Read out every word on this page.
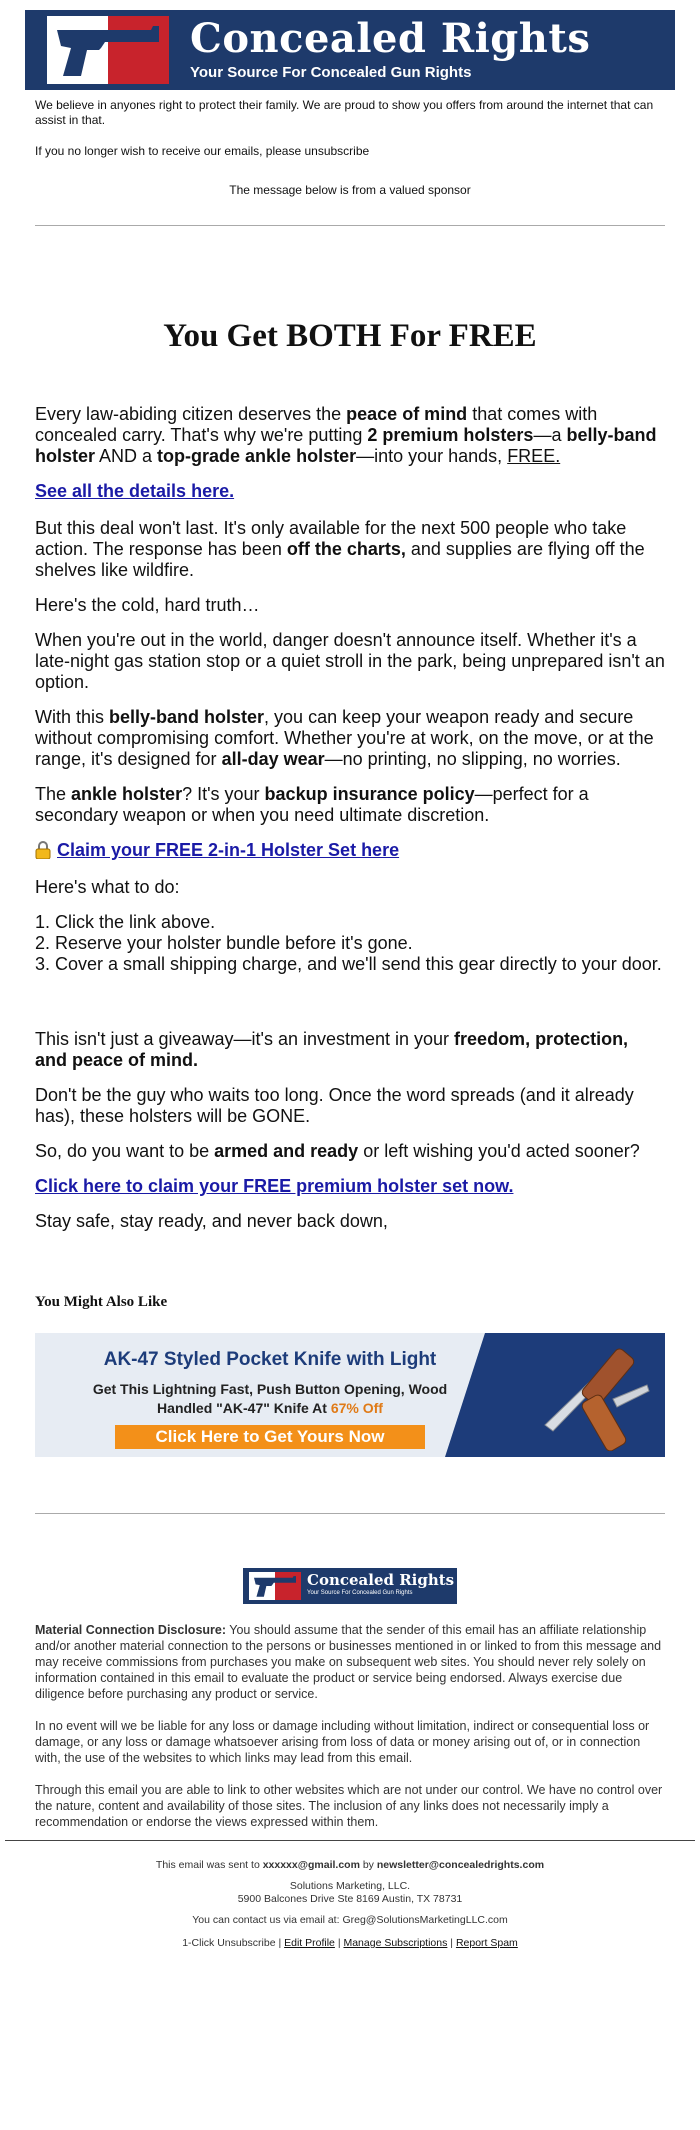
Concealed Rights
Your Source For Concealed Gun Rights

We believe in anyones right to protect their family. We are proud to show you offers from around the internet that can assist in that.

If you no longer wish to receive our emails, please unsubscribe

The message below is from a valued sponsor
You Get BOTH For FREE

Every law-abiding citizen deserves the peace of mind that comes with concealed carry. That's why we're putting 2 premium holsters—a belly-band holster AND a top-grade ankle holster—into your hands, FREE.

See all the details here.

But this deal won't last. It's only available for the next 500 people who take action. The response has been off the charts, and supplies are flying off the shelves like wildfire.

Here's the cold, hard truth…

When you're out in the world, danger doesn't announce itself. Whether it's a late-night gas station stop or a quiet stroll in the park, being unprepared isn't an option.

With this belly-band holster, you can keep your weapon ready and secure without compromising comfort. Whether you're at work, on the move, or at the range, it's designed for all-day wear—no printing, no slipping, no worries.

The ankle holster? It's your backup insurance policy—perfect for a secondary weapon or when you need ultimate discretion.

Claim your FREE 2-in-1 Holster Set here

Here's what to do:

1. Click the link above.
2. Reserve your holster bundle before it's gone.
3. Cover a small shipping charge, and we'll send this gear directly to your door.

This isn't just a giveaway—it's an investment in your freedom, protection, and peace of mind.

Don't be the guy who waits too long. Once the word spreads (and it already has), these holsters will be GONE.

So, do you want to be armed and ready or left wishing you'd acted sooner?

Click here to claim your FREE premium holster set now.

Stay safe, stay ready, and never back down,

You Might Also Like
AK-47 Styled Pocket Knife with Light
Get This Lightning Fast, Push Button Opening, Wood
Handled "AK-47" Knife At 67% Off
Click Here to Get Yours Now
Concealed Rights
Your Source For Concealed Gun Rights

Material Connection Disclosure: You should assume that the sender of this email has an affiliate relationship and/or another material connection to the persons or businesses mentioned in or linked to from this message and may receive commissions from purchases you make on subsequent web sites. You should never rely solely on information contained in this email to evaluate the product or service being endorsed. Always exercise due diligence before purchasing any product or service.

In no event will we be liable for any loss or damage including without limitation, indirect or consequential loss or damage, or any loss or damage whatsoever arising from loss of data or money arising out of, or in connection with, the use of the websites to which links may lead from this email.

Through this email you are able to link to other websites which are not under our control. We have no control over the nature, content and availability of those sites. The inclusion of any links does not necessarily imply a recommendation or endorse the views expressed within them.

This email was sent to xxxxxx@gmail.com by newsletter@concealedrights.com

Solutions Marketing, LLC.

5900 Balcones Drive Ste 8169 Austin, TX 78731

You can contact us via email at: Greg@SolutionsMarketingLLC.com

1-Click Unsubscribe | Edit Profile | Manage Subscriptions | Report Spam
